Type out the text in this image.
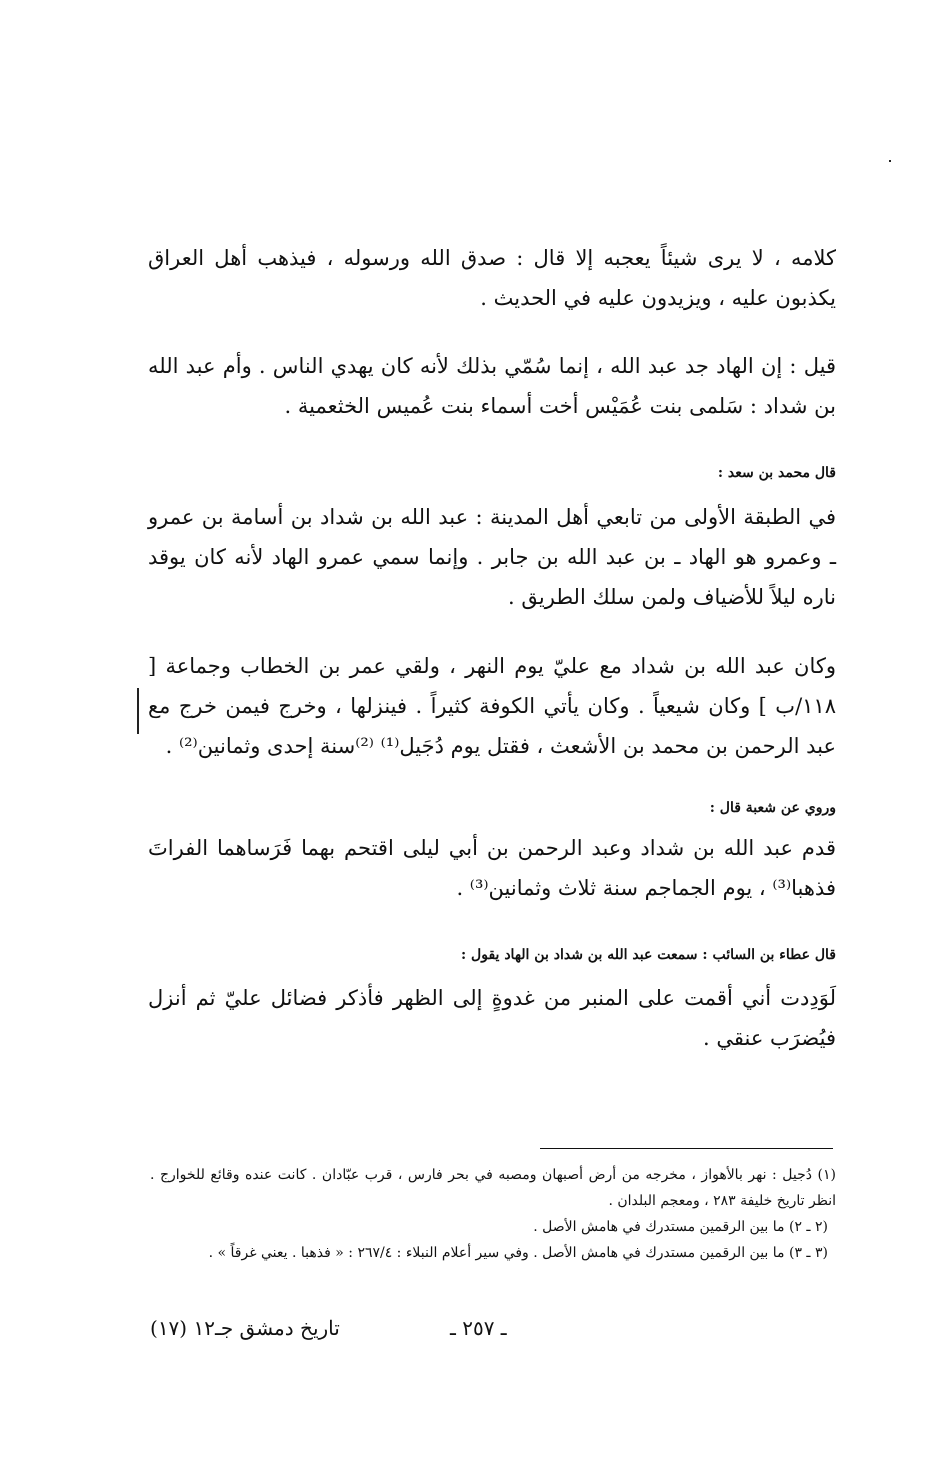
كلامه ، لا يرى شيئاً يعجبه إلا قال : صدق الله ورسوله ، فيذهب أهل العراق يكذبون عليه ، ويزيدون عليه في الحديث .

قيل : إن الهاد جد عبد الله ، إنما سُمّي بذلك لأنه كان يهدي الناس . وأم عبد الله بن شداد : سَلمى بنت عُمَيْس أخت أسماء بنت عُميس الخثعمية .

قال محمد بن سعد :

في الطبقة الأولى من تابعي أهل المدينة : عبد الله بن شداد بن أسامة بن عمرو ـ وعمرو هو الهاد ـ بن عبد الله بن جابر . وإنما سمي عمرو الهاد لأنه كان يوقد ناره ليلاً للأضياف ولمن سلك الطريق .

وكان عبد الله بن شداد مع عليّ يوم النهر ، ولقي عمر بن الخطاب وجماعة [ ١١٨/ب ] وكان شيعياً . وكان يأتي الكوفة كثيراً . فينزلها ، وخرج فيمن خرج مع عبد الرحمن بن محمد بن الأشعث ، فقتل يوم دُجَيل⁽¹⁾ ⁽²⁾سنة إحدى وثمانين⁽²⁾ .

وروي عن شعبة قال :

قدم عبد الله بن شداد وعبد الرحمن بن أبي ليلى اقتحم بهما فَرَساهما الفراتَ فذهبا⁽³⁾ ، يوم الجماجم سنة ثلاث وثمانين⁽³⁾ .

قال عطاء بن السائب : سمعت عبد الله بن شداد بن الهاد يقول :

لَوَدِدت أني أقمت على المنبر من غدوةٍ إلى الظهر فأذكر فضائل عليّ ثم أنزل فيُضرَب عنقي .

(١) دُجيل : نهر بالأهواز ، مخرجه من أرض أصبهان ومصبه في بحر فارس ، قرب عبّادان . كانت عنده وقائع للخوارج . انظر تاريخ خليفة ٢٨٣ ، ومعجم البلدان .

(٢ ـ ٢) ما بين الرقمين مستدرك في هامش الأصل .

(٣ ـ ٣) ما بين الرقمين مستدرك في هامش الأصل . وفي سير أعلام النبلاء : ٢٦٧/٤ : « فذهبا . يعني غرقاً » .

تاريخ دمشق جـ١٢ (١٧)	ـ ٢٥٧ ـ
